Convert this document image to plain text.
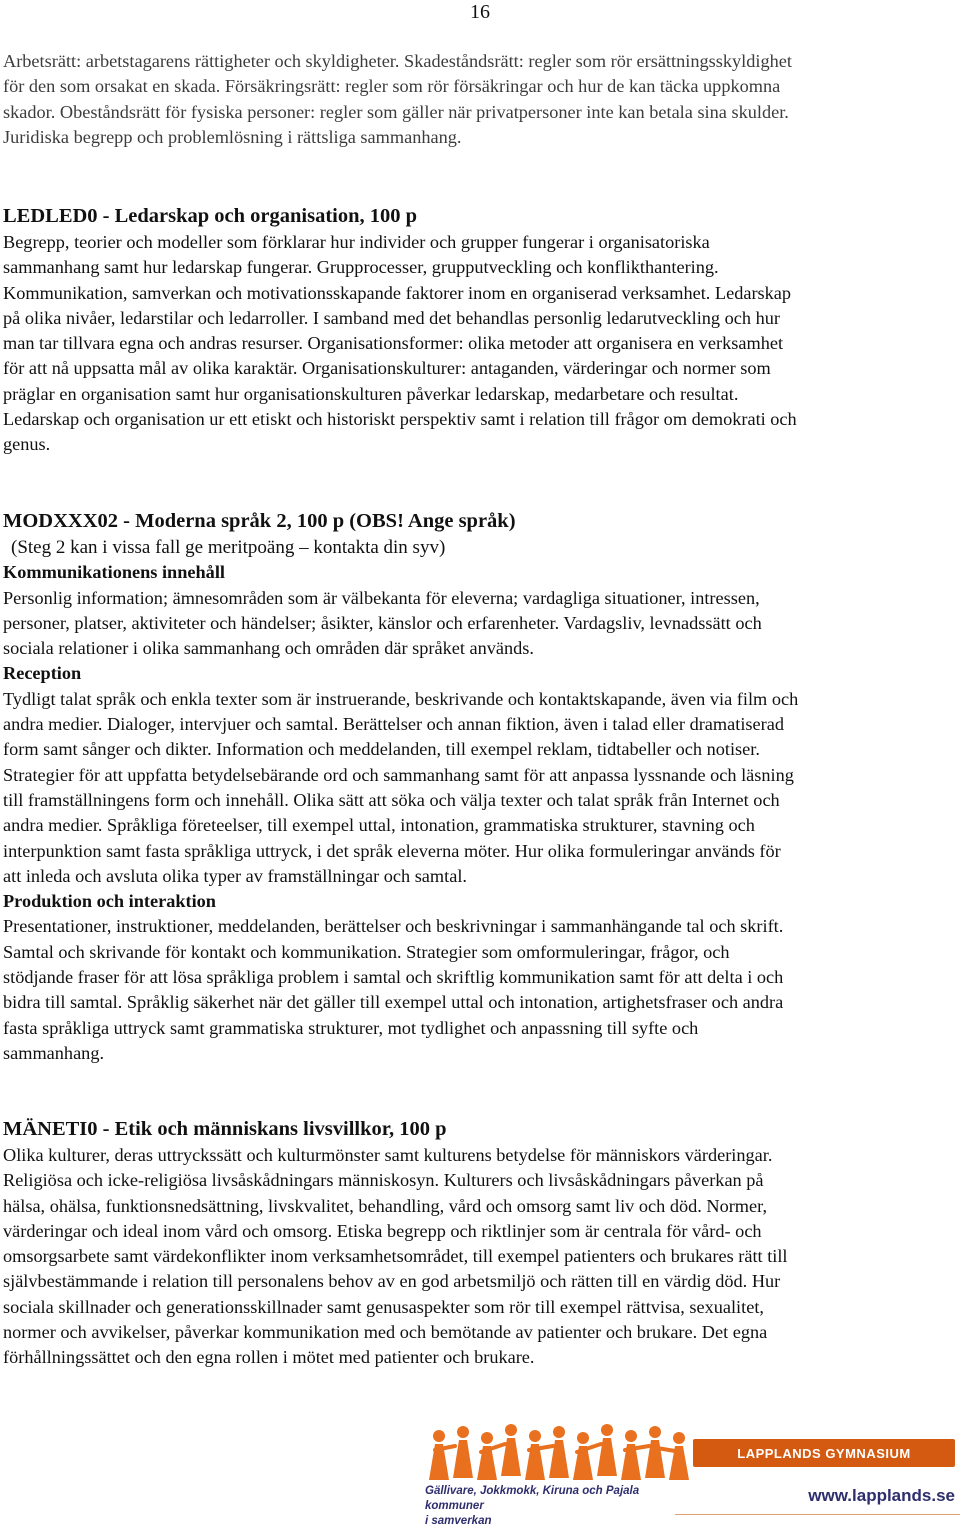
16
Arbetsrätt: arbetstagarens rättigheter och skyldigheter. Skadeståndsrätt: regler som rör ersättningsskyldighet
för den som orsakat en skada. Försäkringsrätt: regler som rör försäkringar och hur de kan täcka uppkomna
skador. Obeståndsrätt för fysiska personer: regler som gäller när privatpersoner inte kan betala sina skulder.
Juridiska begrepp och problemlösning i rättsliga sammanhang.
LEDLED0 - Ledarskap och organisation, 100 p
Begrepp, teorier och modeller som förklarar hur individer och grupper fungerar i organisatoriska
sammanhang samt hur ledarskap fungerar. Grupprocesser, grupputveckling och konflikthantering.
Kommunikation, samverkan och motivationsskapande faktorer inom en organiserad verksamhet. Ledarskap
på olika nivåer, ledarstilar och ledarroller. I samband med det behandlas personlig ledarutveckling och hur
man tar tillvara egna och andras resurser. Organisationsformer: olika metoder att organisera en verksamhet
för att nå uppsatta mål av olika karaktär. Organisationskulturer: antaganden, värderingar och normer som
präglar en organisation samt hur organisationskulturen påverkar ledarskap, medarbetare och resultat.
Ledarskap och organisation ur ett etiskt och historiskt perspektiv samt i relation till frågor om demokrati och
genus.
MODXXX02 - Moderna språk 2, 100 p (OBS! Ange språk)
(Steg 2 kan i vissa fall ge meritpoäng – kontakta din syv)
Kommunikationens innehåll
Personlig information; ämnesområden som är välbekanta för eleverna; vardagliga situationer, intressen,
personer, platser, aktiviteter och händelser; åsikter, känslor och erfarenheter. Vardagsliv, levnadssätt och
sociala relationer i olika sammanhang och områden där språket används.
Reception
Tydligt talat språk och enkla texter som är instruerande, beskrivande och kontaktskapande, även via film och
andra medier. Dialoger, intervjuer och samtal. Berättelser och annan fiktion, även i talad eller dramatiserad
form samt sånger och dikter. Information och meddelanden, till exempel reklam, tidtabeller och notiser.
Strategier för att uppfatta betydelsebärande ord och sammanhang samt för att anpassa lyssnande och läsning
till framställningens form och innehåll. Olika sätt att söka och välja texter och talat språk från Internet och
andra medier. Språkliga företeelser, till exempel uttal, intonation, grammatiska strukturer, stavning och
interpunktion samt fasta språkliga uttryck, i det språk eleverna möter. Hur olika formuleringar används för
att inleda och avsluta olika typer av framställningar och samtal.
Produktion och interaktion
Presentationer, instruktioner, meddelanden, berättelser och beskrivningar i sammanhängande tal och skrift.
Samtal och skrivande för kontakt och kommunikation. Strategier som omformuleringar, frågor, och
stödjande fraser för att lösa språkliga problem i samtal och skriftlig kommunikation samt för att delta i och
bidra till samtal. Språklig säkerhet när det gäller till exempel uttal och intonation, artighetsfraser och andra
fasta språkliga uttryck samt grammatiska strukturer, mot tydlighet och anpassning till syfte och
sammanhang.
MÄNETI0 - Etik och människans livsvillkor, 100 p
Olika kulturer, deras uttryckssätt och kulturmönster samt kulturens betydelse för människors värderingar.
Religiösa och icke-religiösa livsåskådningars människosyn. Kulturers och livsåskådningars påverkan på
hälsa, ohälsa, funktionsnedsättning, livskvalitet, behandling, vård och omsorg samt liv och död. Normer,
värderingar och ideal inom vård och omsorg. Etiska begrepp och riktlinjer som är centrala för vård- och
omsorgsarbete samt värdekonflikter inom verksamhetsområdet, till exempel patienters och brukares rätt till
självbestämmande i relation till personalens behov av en god arbetsmiljö och rätten till en värdig död. Hur
sociala skillnader och generationsskillnader samt genusaspekter som rör till exempel rättvisa, sexualitet,
normer och avvikelser, påverkar kommunikation med och bemötande av patienter och brukare. Det egna
förhållningssättet och den egna rollen i mötet med patienter och brukare.
LAPPLANDS GYMNASIUM
Gällivare, Jokkmokk, Kiruna och Pajala kommuner
i samverkan
www.lapplands.se
